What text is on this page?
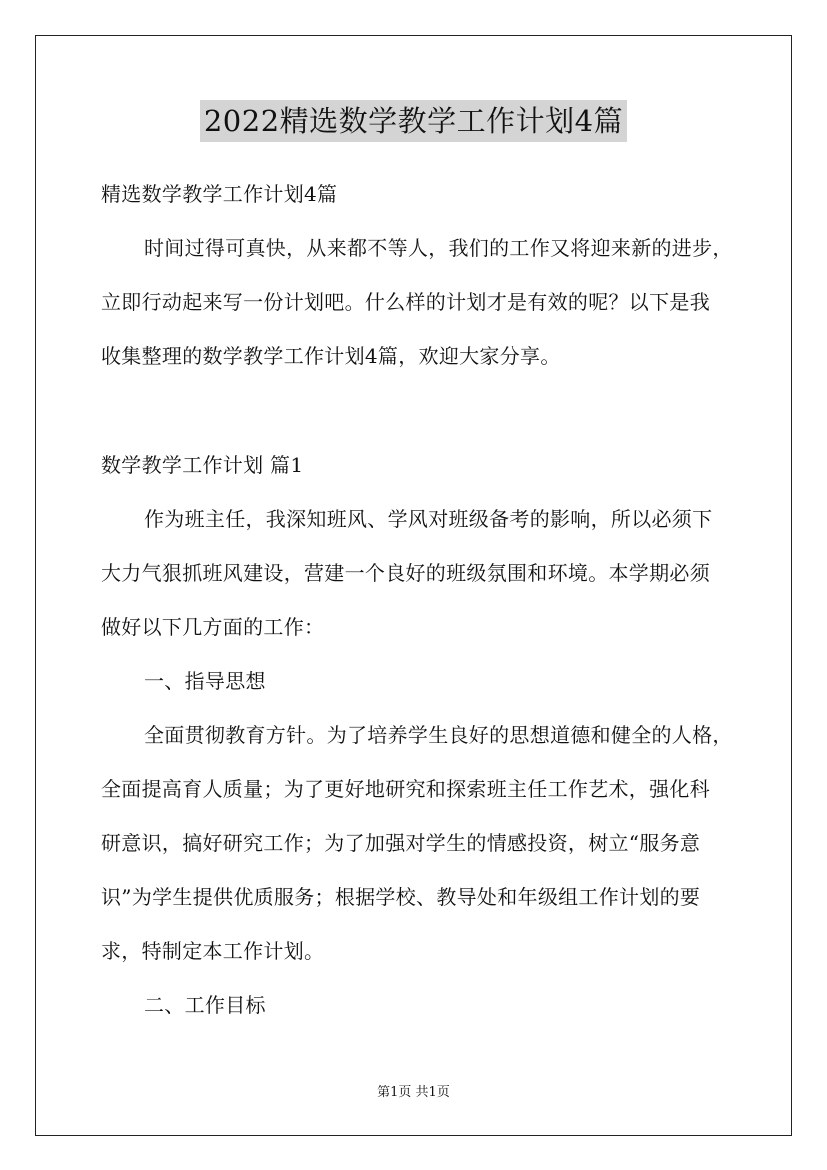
2022精选数学教学工作计划4篇
精选数学教学工作计划4篇
时间过得可真快，从来都不等人，我们的工作又将迎来新的进步，
立即行动起来写一份计划吧。什么样的计划才是有效的呢？以下是我
收集整理的数学教学工作计划4篇，欢迎大家分享。
数学教学工作计划 篇1
作为班主任，我深知班风、学风对班级备考的影响，所以必须下
大力气狠抓班风建设，营建一个良好的班级氛围和环境。本学期必须
做好以下几方面的工作：
一、指导思想
全面贯彻教育方针。为了培养学生良好的思想道德和健全的人格，
全面提高育人质量；为了更好地研究和探索班主任工作艺术，强化科
研意识，搞好研究工作；为了加强对学生的情感投资，树立“服务意
识”为学生提供优质服务；根据学校、教导处和年级组工作计划的要
求，特制定本工作计划。
二、工作目标
第1页 共1页
